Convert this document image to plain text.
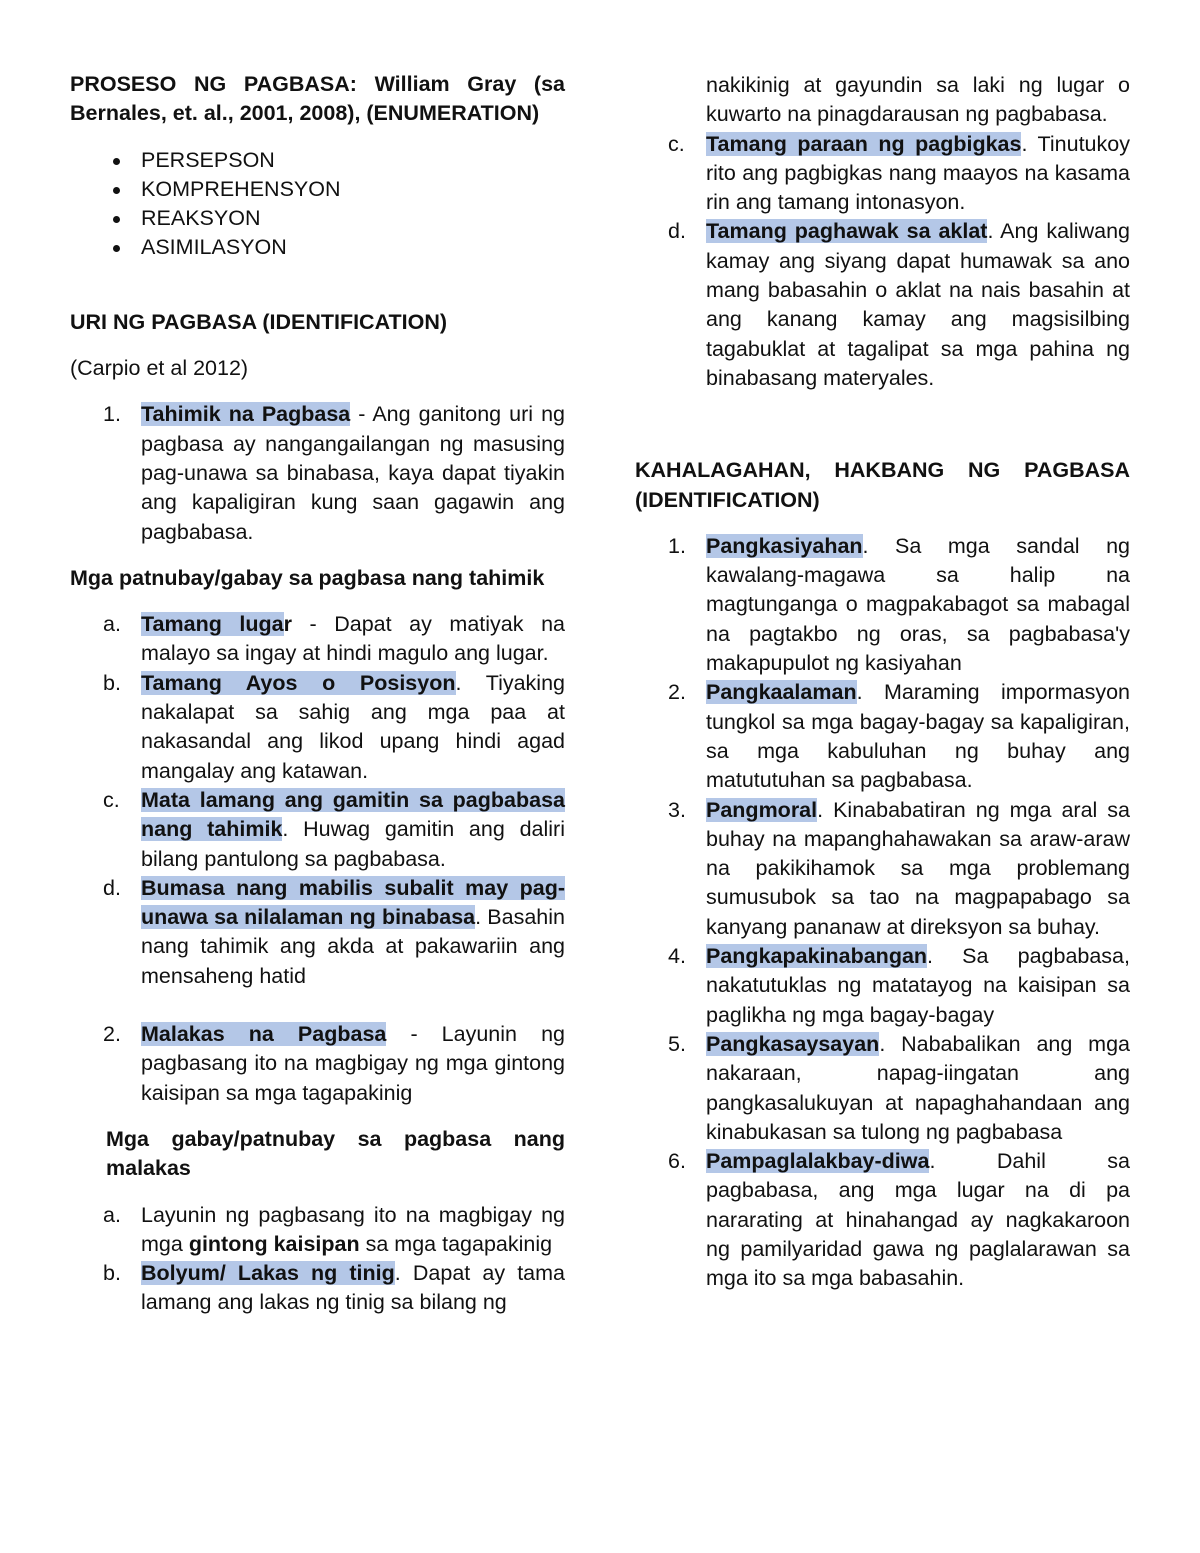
PROSESO NG PAGBASA: William Gray (sa Bernales, et. al., 2001, 2008), (ENUMERATION)

PERSEPSON
KOMPREHENSYON
REAKSYON
ASIMILASYON

URI NG PAGBASA (IDENTIFICATION)

(Carpio et al 2012)

1. Tahimik na Pagbasa - Ang ganitong uri ng pagbasa ay nangangailangan ng masusing pag-unawa sa binabasa, kaya dapat tiyakin ang kapaligiran kung saan gagawin ang pagbabasa.

Mga patnubay/gabay sa pagbasa nang tahimik

a. Tamang lugar - Dapat ay matiyak na malayo sa ingay at hindi magulo ang lugar.
b. Tamang Ayos o Posisyon. Tiyaking nakalapat sa sahig ang mga paa at nakasandal ang likod upang hindi agad mangalay ang katawan.
c. Mata lamang ang gamitin sa pagbabasa nang tahimik. Huwag gamitin ang daliri bilang pantulong sa pagbabasa.
d. Bumasa nang mabilis subalit may pag-unawa sa nilalaman ng binabasa. Basahin nang tahimik ang akda at pakawariin ang mensaheng hatid
2. Malakas na Pagbasa - Layunin ng pagbasang ito na magbigay ng mga gintong kaisipan sa mga tagapakinig

Mga gabay/patnubay sa pagbasa nang malakas

a. Layunin ng pagbasang ito na magbigay ng mga gintong kaisipan sa mga tagapakinig
b. Bolyum/ Lakas ng tinig. Dapat ay tama lamang ang lakas ng tinig sa bilang ng

nakikinig at gayundin sa laki ng lugar o kuwarto na pinagdarausan ng pagbabasa.

c. Tamang paraan ng pagbigkas. Tinutukoy rito ang pagbigkas nang maayos na kasama rin ang tamang intonasyon.
d. Tamang paghawak sa aklat. Ang kaliwang kamay ang siyang dapat humawak sa ano mang babasahin o aklat na nais basahin at ang kanang kamay ang magsisilbing tagabuklat at tagalipat sa mga pahina ng binabasang materyales.

KAHALAGAHAN, HAKBANG NG PAGBASA (IDENTIFICATION)

1. Pangkasiyahan. Sa mga sandal ng kawalang-magawa sa halip na magtunganga o magpakabagot sa mabagal na pagtakbo ng oras, sa pagbabasa'y makapupulot ng kasiyahan
2. Pangkaalaman. Maraming impormasyon tungkol sa mga bagay-bagay sa kapaligiran, sa mga kabuluhan ng buhay ang matututuhan sa pagbabasa.
3. Pangmoral. Kinababatiran ng mga aral sa buhay na mapanghahawakan sa araw-araw na pakikihamok sa mga problemang sumusubok sa tao na magpapabago sa kanyang pananaw at direksyon sa buhay.
4. Pangkapakinabangan. Sa pagbabasa, nakatutuklas ng matatayog na kaisipan sa paglikha ng mga bagay-bagay
5. Pangkasaysayan. Nababalikan ang mga nakaraan, napag-iingatan ang pangkasalukuyan at napaghahandaan ang kinabukasan sa tulong ng pagbabasa
6. Pampaglalakbay-diwa. Dahil sa pagbabasa, ang mga lugar na di pa nararating at hinahangad ay nagkakaroon ng pamilyaridad gawa ng paglalarawan sa mga ito sa mga babasahin.
